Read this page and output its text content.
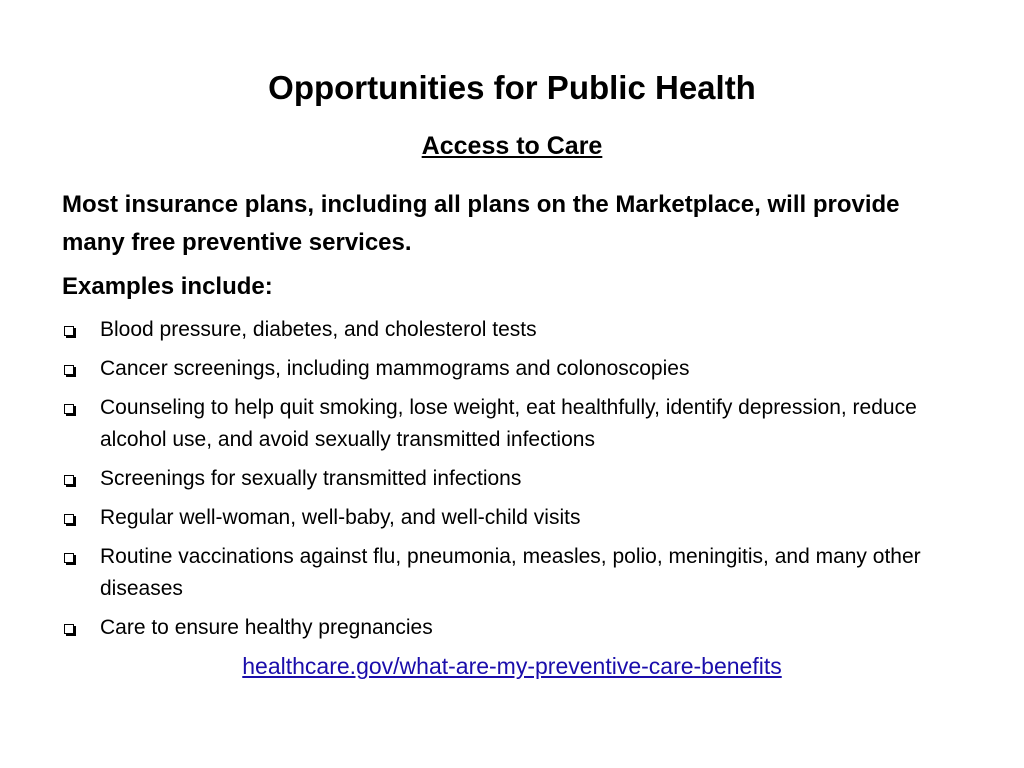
Opportunities for Public Health
Access to Care

Most insurance plans, including all plans on the Marketplace, will provide many free preventive services.

Examples include:

Blood pressure, diabetes, and cholesterol tests
Cancer screenings, including mammograms and colonoscopies
Counseling to help quit smoking, lose weight, eat healthfully, identify depression, reduce alcohol use, and avoid sexually transmitted infections
Screenings for sexually transmitted infections
Regular well-woman, well-baby, and well-child visits
Routine vaccinations against flu, pneumonia, measles, polio, meningitis, and many other diseases
Care to ensure healthy pregnancies
healthcare.gov/what-are-my-preventive-care-benefits
